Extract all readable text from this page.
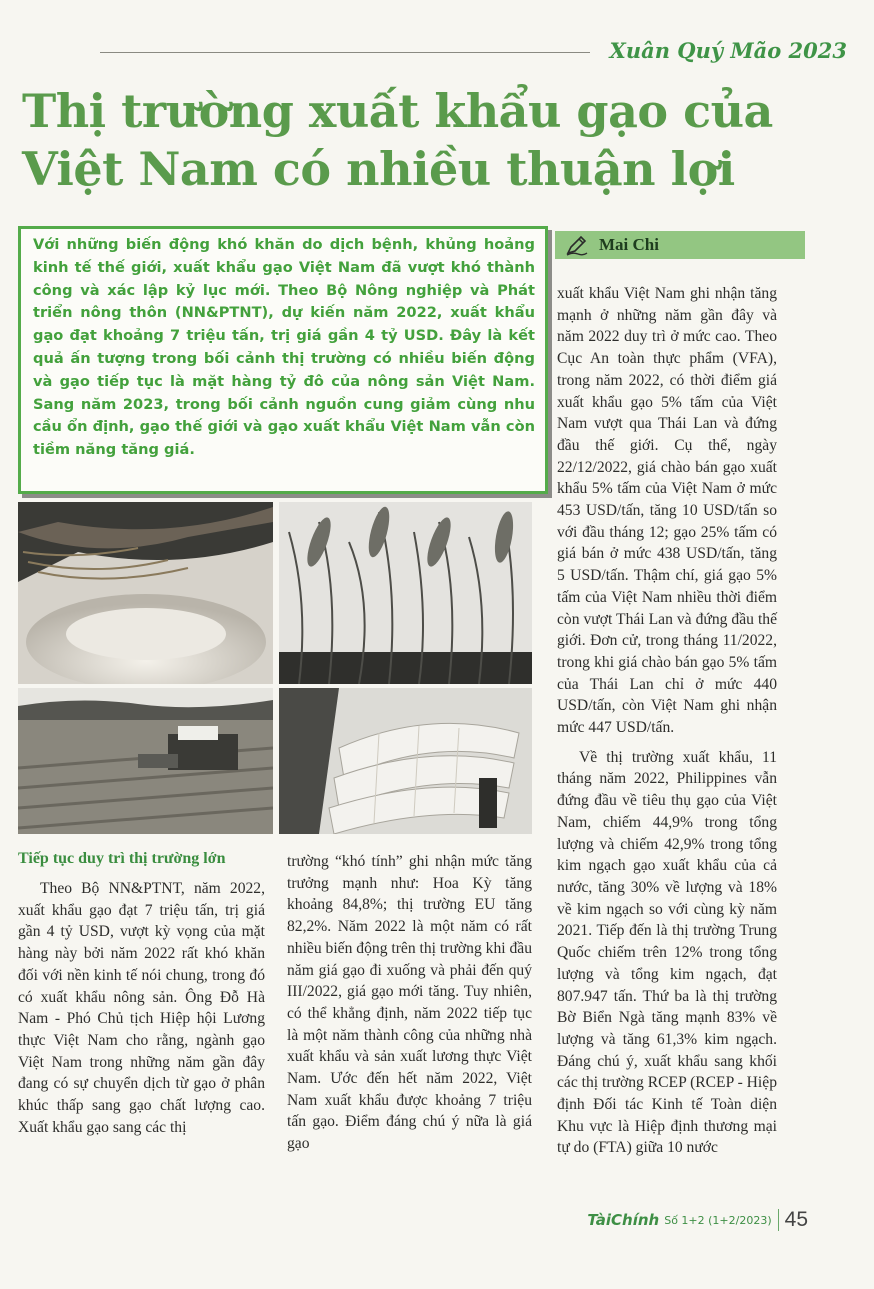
Xuân Quý Mão 2023
Thị trường xuất khẩu gạo của Việt Nam có nhiều thuận lợi

Với những biến động khó khăn do dịch bệnh, khủng hoảng kinh tế thế giới, xuất khẩu gạo Việt Nam đã vượt khó thành công và xác lập kỷ lục mới. Theo Bộ Nông nghiệp và Phát triển nông thôn (NN&PTNT), dự kiến năm 2022, xuất khẩu gạo đạt khoảng 7 triệu tấn, trị giá gần 4 tỷ USD. Đây là kết quả ấn tượng trong bối cảnh thị trường có nhiều biến động và gạo tiếp tục là mặt hàng tỷ đô của nông sản Việt Nam. Sang năm 2023, trong bối cảnh nguồn cung giảm cùng nhu cầu ổn định, gạo thế giới và gạo xuất khẩu Việt Nam vẫn còn tiềm năng tăng giá.

Mai Chi
Tiếp tục duy trì thị trường lớn

Theo Bộ NN&PTNT, năm 2022, xuất khẩu gạo đạt 7 triệu tấn, trị giá gần 4 tỷ USD, vượt kỳ vọng của mặt hàng này bởi năm 2022 rất khó khăn đối với nền kinh tế nói chung, trong đó có xuất khẩu nông sản. Ông Đỗ Hà Nam - Phó Chủ tịch Hiệp hội Lương thực Việt Nam cho rằng, ngành gạo Việt Nam trong những năm gần đây đang có sự chuyển dịch từ gạo ở phân khúc thấp sang gạo chất lượng cao. Xuất khẩu gạo sang các thị

trường “khó tính” ghi nhận mức tăng trưởng mạnh như: Hoa Kỳ tăng khoảng 84,8%; thị trường EU tăng 82,2%. Năm 2022 là một năm có rất nhiều biến động trên thị trường khi đầu năm giá gạo đi xuống và phải đến quý III/2022, giá gạo mới tăng. Tuy nhiên, có thể khẳng định, năm 2022 tiếp tục là một năm thành công của những nhà xuất khẩu và sản xuất lương thực Việt Nam. Ước đến hết năm 2022, Việt Nam xuất khẩu được khoảng 7 triệu tấn gạo. Điểm đáng chú ý nữa là giá gạo

xuất khẩu Việt Nam ghi nhận tăng mạnh ở những năm gần đây và năm 2022 duy trì ở mức cao. Theo Cục An toàn thực phẩm (VFA), trong năm 2022, có thời điểm giá xuất khẩu gạo 5% tấm của Việt Nam vượt qua Thái Lan và đứng đầu thế giới. Cụ thể, ngày 22/12/2022, giá chào bán gạo xuất khẩu 5% tấm của Việt Nam ở mức 453 USD/tấn, tăng 10 USD/tấn so với đầu tháng 12; gạo 25% tấm có giá bán ở mức 438 USD/tấn, tăng 5 USD/tấn. Thậm chí, giá gạo 5% tấm của Việt Nam nhiều thời điểm còn vượt Thái Lan và đứng đầu thế giới. Đơn cử, trong tháng 11/2022, trong khi giá chào bán gạo 5% tấm của Thái Lan chỉ ở mức 440 USD/tấn, còn Việt Nam ghi nhận mức 447 USD/tấn.

Về thị trường xuất khẩu, 11 tháng năm 2022, Philippines vẫn đứng đầu về tiêu thụ gạo của Việt Nam, chiếm 44,9% trong tổng lượng và chiếm 42,9% trong tổng kim ngạch gạo xuất khẩu của cả nước, tăng 30% về lượng và 18% về kim ngạch so với cùng kỳ năm 2021. Tiếp đến là thị trường Trung Quốc chiếm trên 12% trong tổng lượng và tổng kim ngạch, đạt 807.947 tấn. Thứ ba là thị trường Bờ Biển Ngà tăng mạnh 83% về lượng và tăng 61,3% kim ngạch. Đáng chú ý, xuất khẩu sang khối các thị trường RCEP (RCEP - Hiệp định Đối tác Kinh tế Toàn diện Khu vực là Hiệp định thương mại tự do (FTA) giữa 10 nước

TàiChính Số 1+2 (1+2/2023) 45
